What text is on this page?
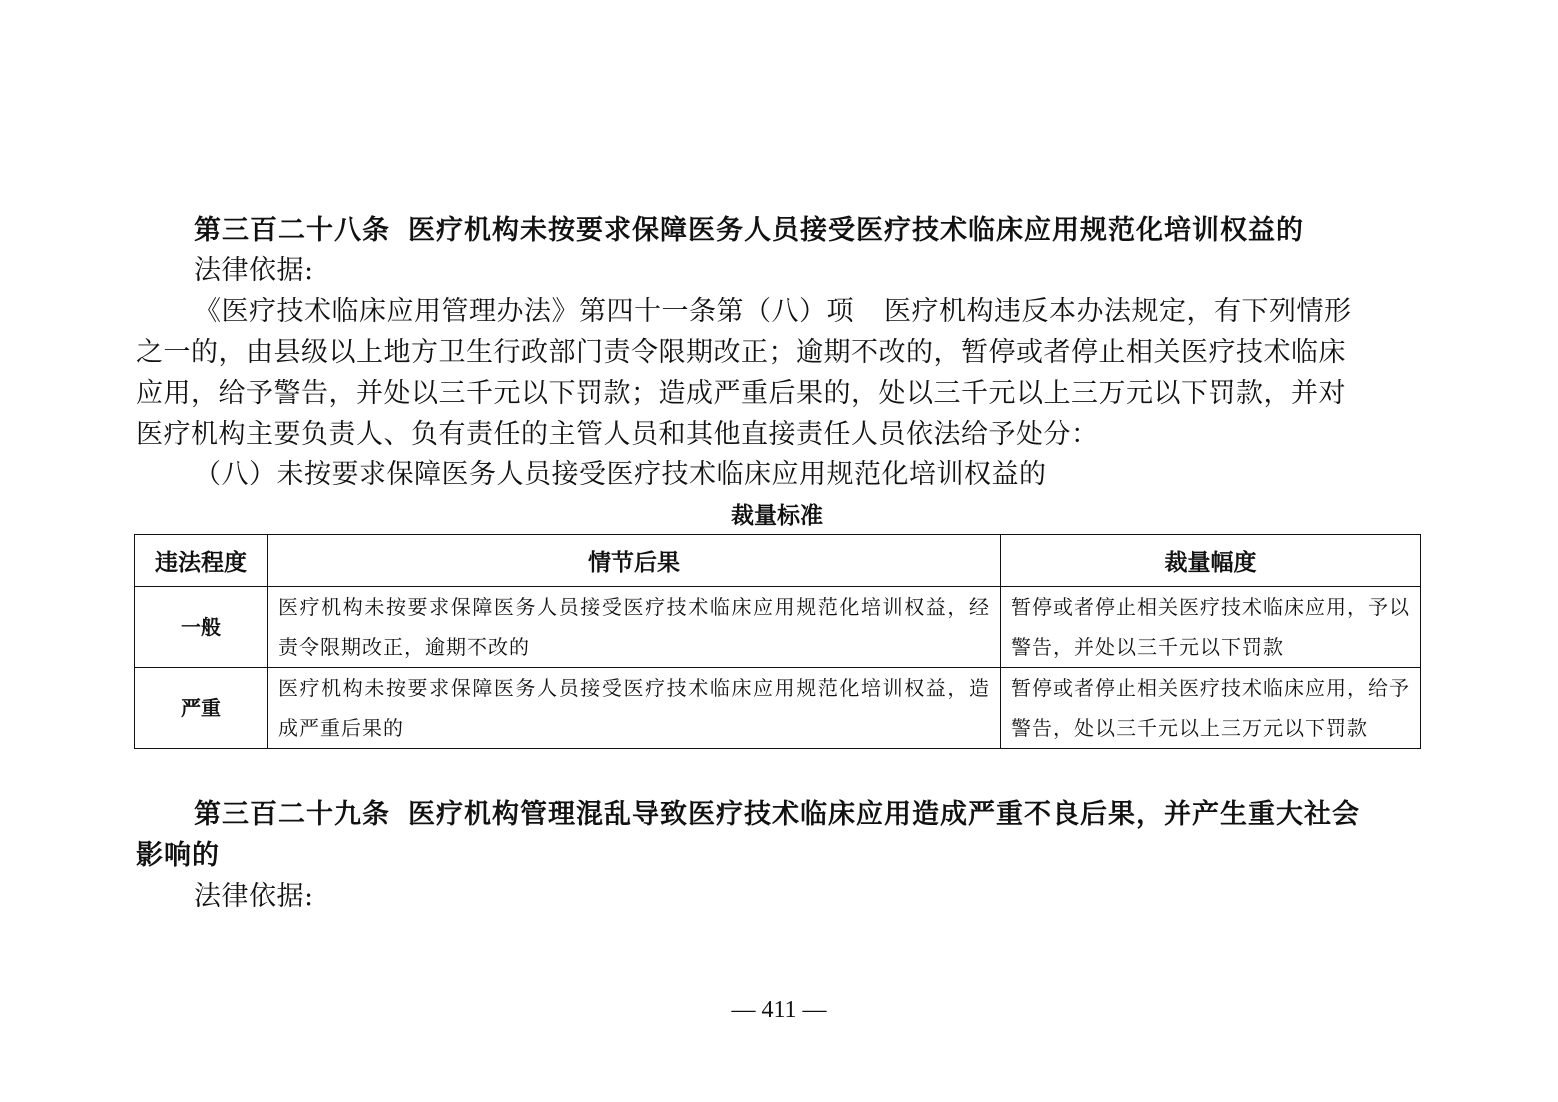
第三百二十八条 医疗机构未按要求保障医务人员接受医疗技术临床应用规范化培训权益的
法律依据:
《医疗技术临床应用管理办法》第四十一条第（八）项 医疗机构违反本办法规定，有下列情形
之一的，由县级以上地方卫生行政部门责令限期改正；逾期不改的，暂停或者停止相关医疗技术临床
应用，给予警告，并处以三千元以下罚款；造成严重后果的，处以三千元以上三万元以下罚款，并对
医疗机构主要负责人、负有责任的主管人员和其他直接责任人员依法给予处分：
（八）未按要求保障医务人员接受医疗技术临床应用规范化培训权益的
裁量标准
违法程度	情节后果	裁量幅度
一般	医疗机构未按要求保障医务人员接受医疗技术临床应用规范化培训权益，经责令限期改正，逾期不改的	暂停或者停止相关医疗技术临床应用，予以警告，并处以三千元以下罚款
严重	医疗机构未按要求保障医务人员接受医疗技术临床应用规范化培训权益，造成严重后果的	暂停或者停止相关医疗技术临床应用，给予警告，处以三千元以上三万元以下罚款
第三百二十九条 医疗机构管理混乱导致医疗技术临床应用造成严重不良后果，并产生重大社会
影响的
法律依据:
— 411 —
